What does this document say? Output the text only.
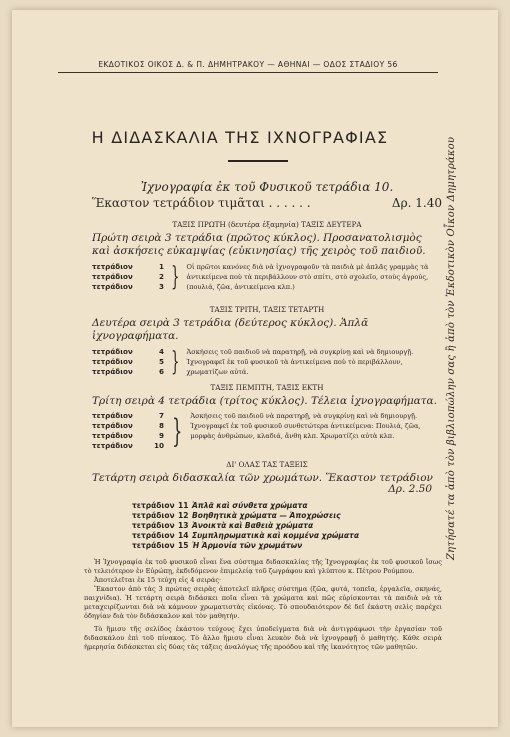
ΕΚΔΟΤΙΚΟΣ ΟΙΚΟΣ Δ. & Π. ΔΗΜΗΤΡΑΚΟΥ — ΑΘΗΝΑΙ — ΟΔΟΣ ΣΤΑΔΙΟΥ 56
Η ΔΙΔΑΣΚΑΛΙΑ ΤΗΣ ΙΧΝΟΓΡΑΦΙΑΣ	Ζητήσατέ τα ἀπὸ τὸν βιβλιοπώλην σας ἢ ἀπὸ τὸν Ἐκδοτικὸν Οἶκον Δημητράκου
Ἰχνογραφία ἐκ τοῦ Φυσικοῦ τετράδια 10.
Ἕκαστον τετράδιον τιμᾶται . . . . . .	Δρ. 1.40
ΤΑΞΙΣ ΠΡΩΤΗ (δευτέρα ἑξαμηνία) ΤΑΞΙΣ ΔΕΥΤΕΡΑ
Πρώτη σειρὰ 3 τετράδια (πρῶτος κύκλος). Προσανατολισμὸς καὶ ἀσκήσεις εὐκαμψίας (εὐκινησίας) τῆς χειρὸς τοῦ παιδιοῦ.
τετράδιον	1
τετράδιον	2
τετράδιον	3 } Οἱ πρῶτοι κανόνες διὰ νὰ ἰχνογραφοῦν τὰ παιδιὰ μὲ ἁπλᾶς γραμμὰς τὰ ἀντικείμενα ποὺ τὰ περιβάλλουν στὸ σπίτι, στὸ σχολεῖο, στοὺς ἀγρούς, (πουλιά, ζῶα, ἀντικείμενα κλπ.)
ΤΑΞΙΣ ΤΡΙΤΗ, ΤΑΞΙΣ ΤΕΤΑΡΤΗ
Δευτέρα σειρὰ 3 τετράδια (δεύτερος κύκλος). Ἁπλᾶ ἰχνογραφήματα.
τετράδιον	4
τετράδιον	5
τετράδιον	6 } Ἀσκήσεις τοῦ παιδιοῦ νὰ παρατηρῇ, νὰ συγκρίνῃ καὶ νὰ δημιουργῇ. Ἰχνογραφεῖ ἐκ τοῦ φυσικοῦ τὰ ἀντικείμενα ποὺ τὸ περιβάλλουν, χρωματίζων αὐτά.
ΤΑΞΙΣ ΠΕΜΠΤΗ, ΤΑΞΙΣ ΕΚΤΗ
Τρίτη σειρὰ 4 τετράδια (τρίτος κύκλος). Τέλεια ἰχνογραφήματα.
τετράδιον	7
τετράδιον	8
τετράδιον	9
τετράδιον	10 } Ἀσκήσεις τοῦ παιδιοῦ νὰ παρατηρῇ, νὰ συγκρίνῃ καὶ νὰ δημιουργῇ. Ἰχνογραφεῖ ἐκ τοῦ φυσικοῦ συνθετώτερα ἀντικείμενα: Πουλιά, ζῶα, μορφὰς ἀνθρώπων, κλαδιά, ἄνθη κλπ. Χρωματίζει αὐτὰ κλπ.
ΔΙ' ΟΛΑΣ ΤΑΣ ΤΑΞΕΙΣ
Τετάρτη σειρὰ διδασκαλία τῶν χρωμάτων. Ἕκαστον τετράδιον
Δρ. 2.50
τετράδιον 11 Ἁπλᾶ καὶ σύνθετα χρώματα
τετράδιον 12 Βοηθητικὰ χρώματα — Ἀποχρώσεις
τετράδιον 13 Ἀνοικτὰ καὶ Βαθειὰ χρώματα
τετράδιον 14 Συμπληρωματικὰ καὶ κομμένα χρώματα
τετράδιον 15 Ἡ Ἁρμονία τῶν χρωμάτων
Ἡ Ἰχνογραφία ἐκ τοῦ φυσικοῦ εἶναι ἕνα σύστημα διδασκαλίας τῆς Ἰχνογραφίας ἐκ τοῦ φυσικοῦ ἴσως τὸ τελειότερον ἐν Εὐρώπῃ, ἐκδιδόμενον ἐπιμελείᾳ τοῦ ζωγράφου καὶ γλύπτου κ. Πέτρου Ρούμπου.
Ἀποτελεῖται ἐκ 15 τεύχη εἰς 4 σειράς·
Ἕκαστον ἀπὸ τὰς 3 πρώτας σειρὰς ἀποτελεῖ πλῆρες σύστημα (ζῶα, φυτά, τοπεῖα, ἐργαλεῖα, σκηνάς, παιχνίδια). Ἡ τετάρτη σειρὰ διδάσκει ποῖα εἶναι τὰ χρώματα καὶ πῶς εὑρίσκονται τὰ παιδιὰ νὰ τὰ μεταχειρίζωνται διὰ νὰ κάμνουν χρωματιστὰς εἰκόνας. Τὸ σπουδαιότερον δὲ δεῖ ἐκάστη σελὶς παρέχει ὁδηγίαν διὰ τὸν διδάσκαλον καὶ τὸν μαθητήν.
Τὸ ἥμισυ τῆς σελίδος ἑκάστου τεύχους ἔχει ὑποδείγματα διὰ νὰ ἀντιγράφωσι τὴν ἐργασίαν τοῦ διδασκάλου ἐπὶ τοῦ πίνακος. Τὸ ἄλλο ἥμισυ εἶναι λευκὸν διὰ νὰ ἰχνογραφῇ ὁ μαθητής. Κάθε σειρὰ ἡμερησία διδάσκεται εἰς δύας τὰς τάξεις ἀναλόγως τῆς προόδου καὶ τῆς ἱκανότητος τῶν μαθητῶν.
